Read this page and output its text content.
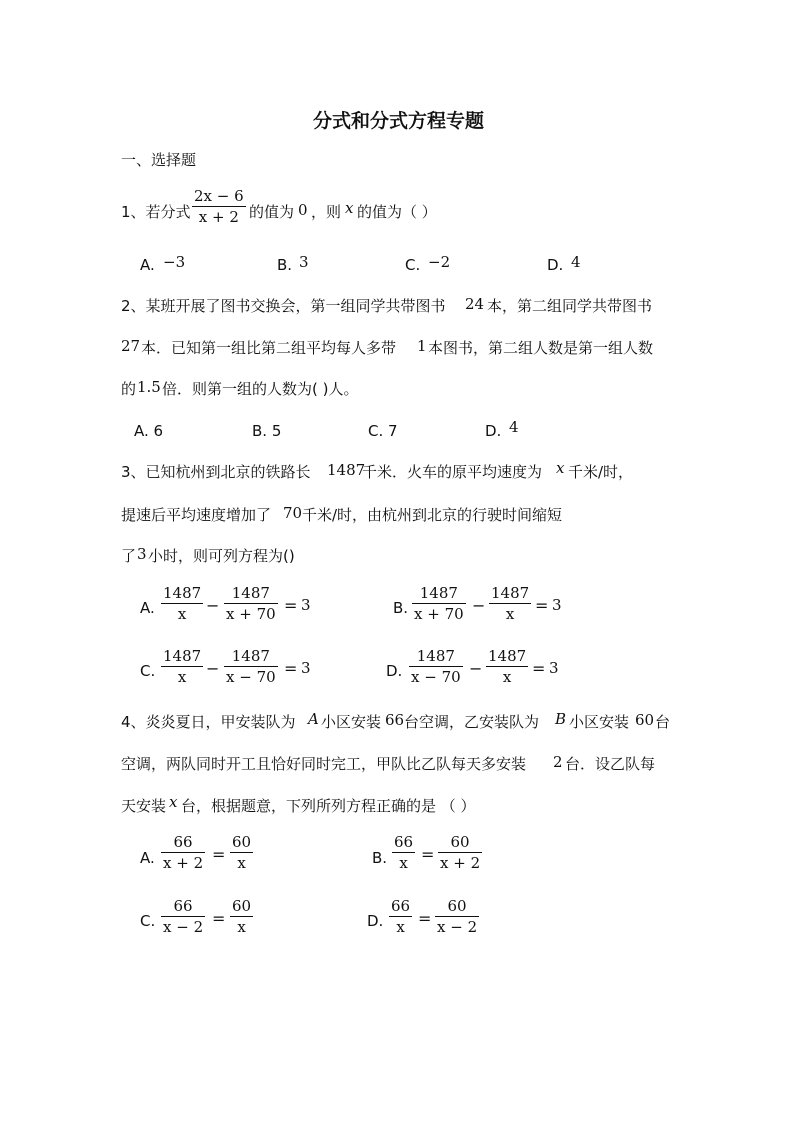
分式和分式方程专题
一、选择题
1、若分式 $\frac{2x - 6}{x + 2}$ 的值为 0 ，则 x 的值为（ ）
A. −3	B. 3	C. −2	D. 4
2、某班开展了图书交换会，第一组同学共带图书 24 本，第二组同学共带图书
27 本．已知第一组比第二组平均每人多带 1 本图书，第二组人数是第一组人数
的 1.5 倍．则第一组的人数为( )人。
A. 6	B. 5	C. 7	D. 4
3、已知杭州到北京的铁路长 1487
千米．火车的原平均速度为 x 千米/时，
提速后平均速度增加了 70 千米/时，由杭州到北京的行驶时间缩短
了 3 小时，则可列方程为()
A. $\frac{1487}{x} - \frac{1487}{x + 70} = 3$	B. $\frac{1487}{x + 70} - \frac{1487}{x} = 3$
C. $\frac{1487}{x} - \frac{1487}{x - 70} = 3$	D. $\frac{1487}{x - 70} - \frac{1487}{x} = 3$
4、炎炎夏日，甲安装队为 A 小区安装 66 台空调，乙安装队为 B 小区安装 60 台
空调，两队同时开工且恰好同时完工，甲队比乙队每天多安装 2 台．设乙队每
天安装 x 台，根据题意，下列所列方程正确的是 （ ）
A. $\frac{66}{x + 2} = \frac{60}{x}$	B. $\frac{66}{x} = \frac{60}{x + 2}$
C. $\frac{66}{x - 2} = \frac{60}{x}$	D. $\frac{66}{x} = \frac{60}{x - 2}$
